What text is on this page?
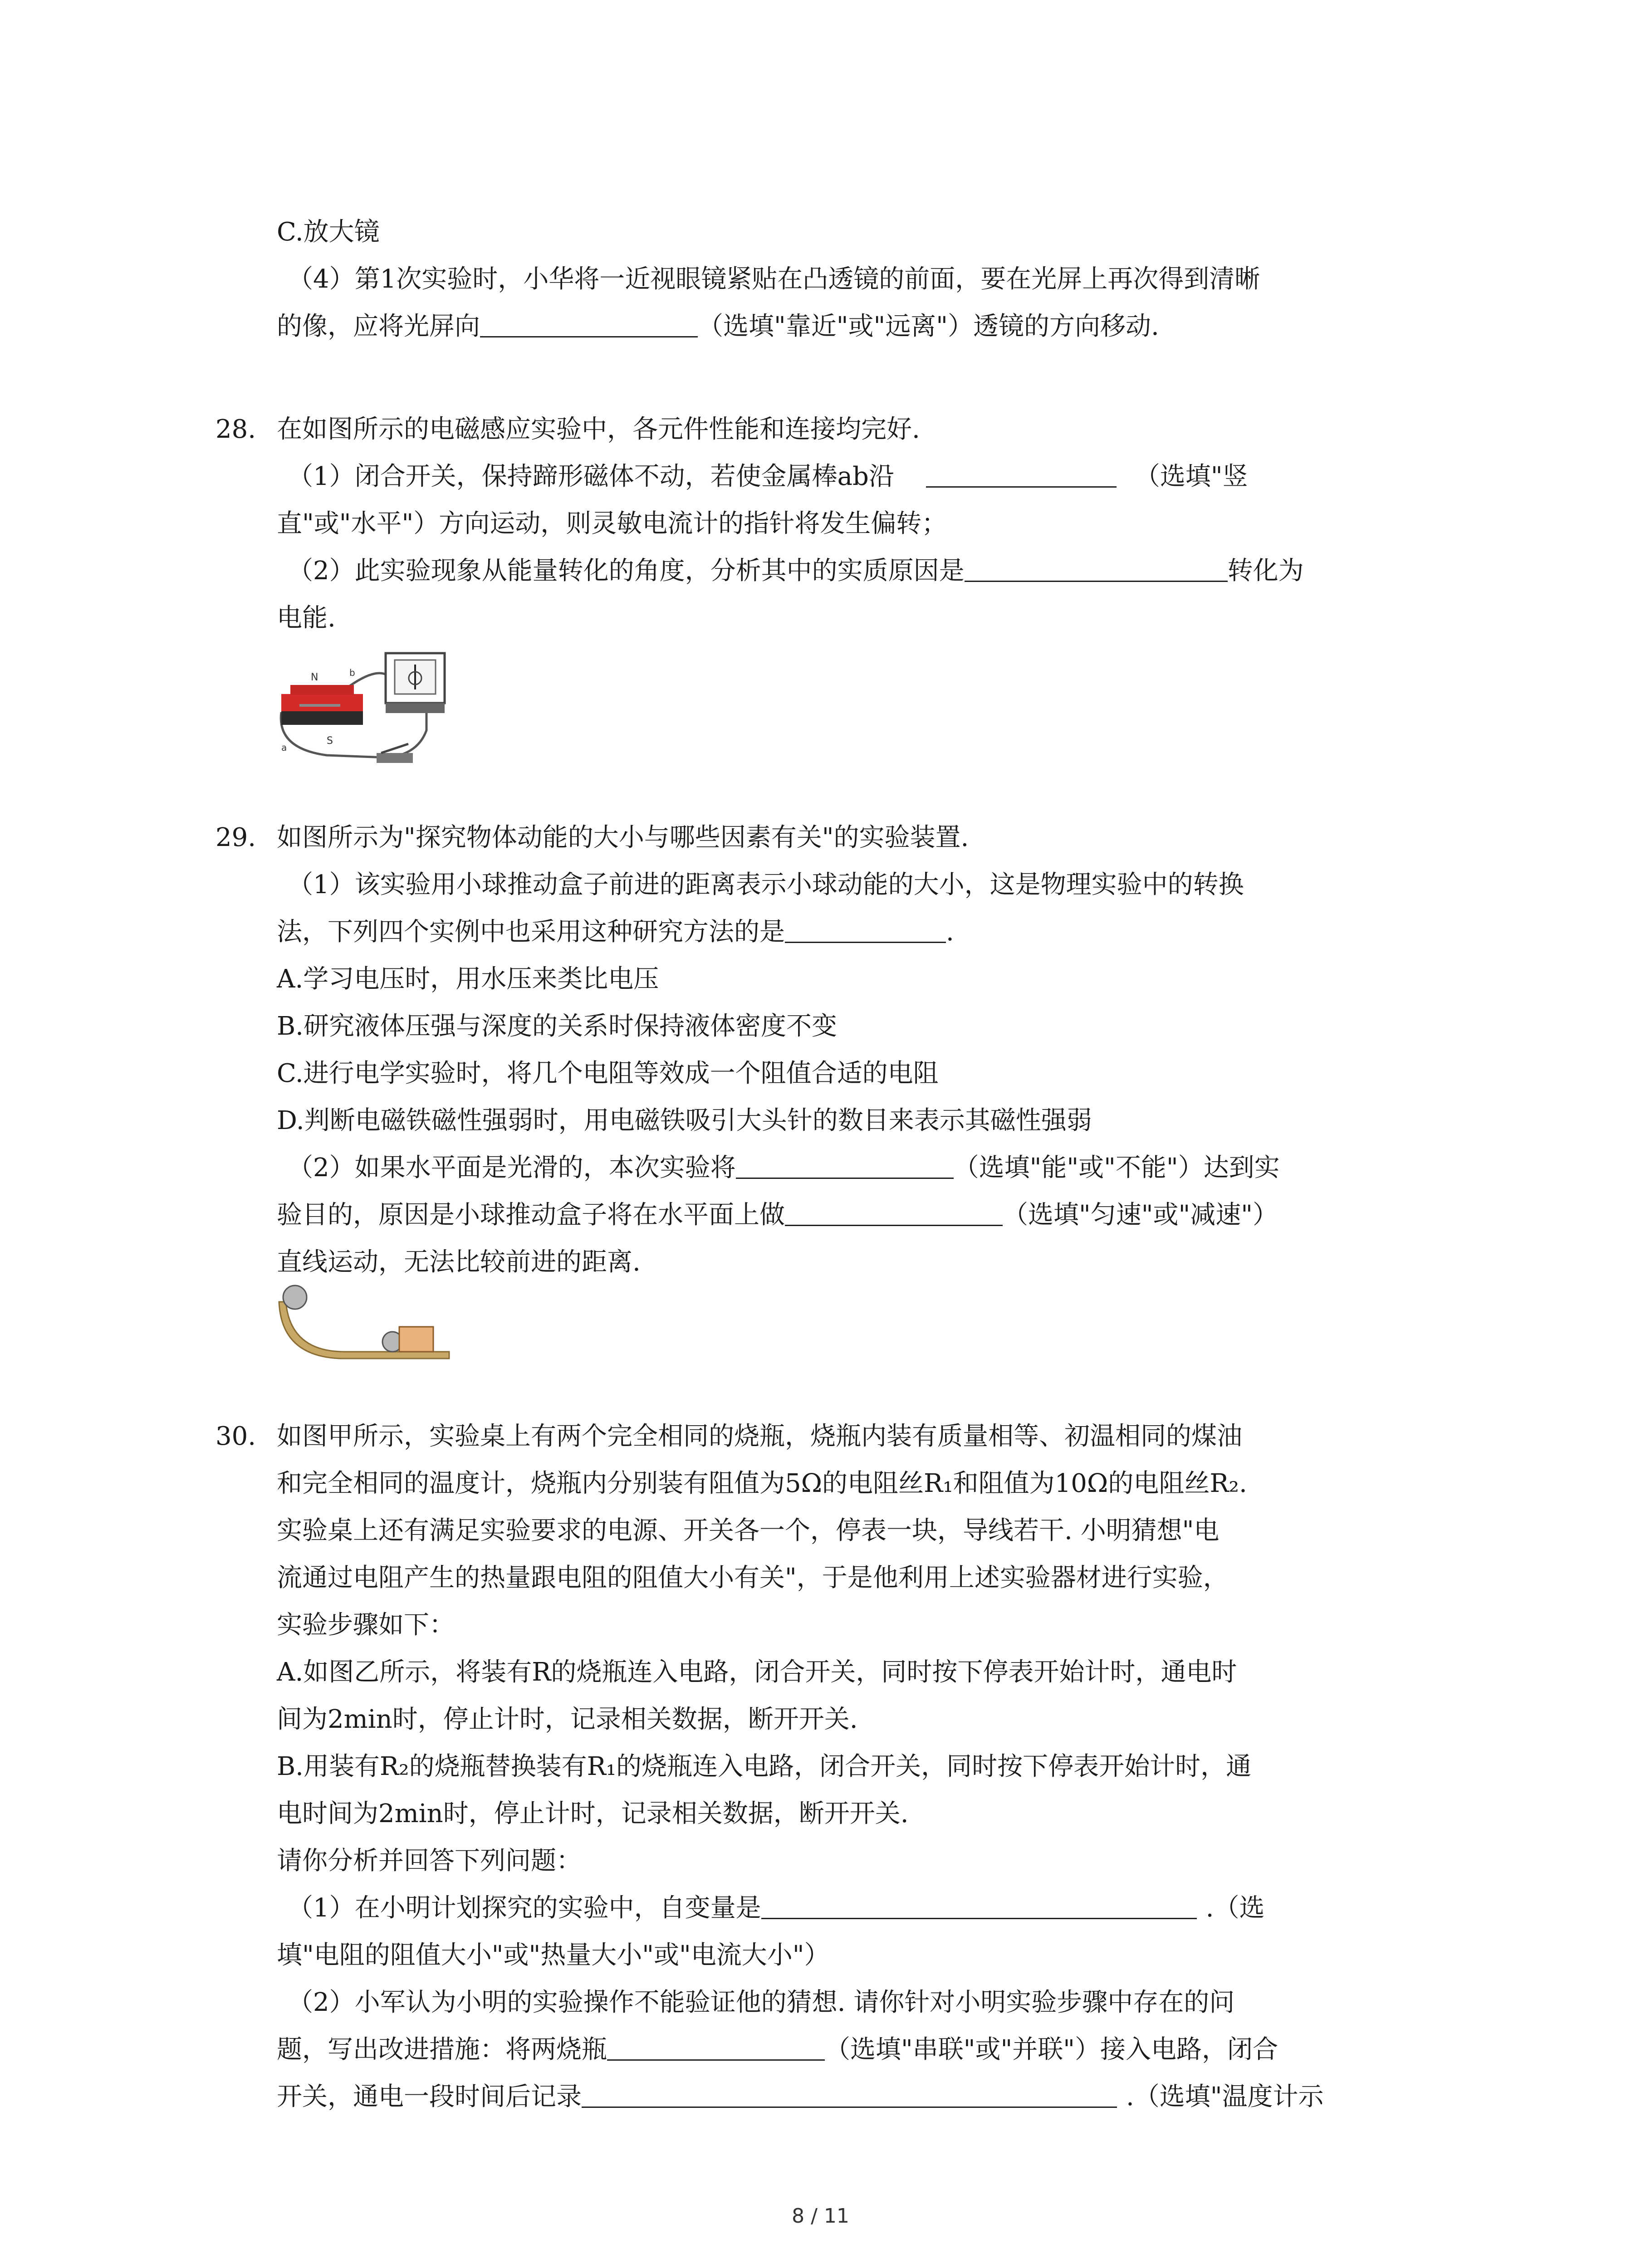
C.放大镜
（4）第1次实验时，小华将一近视眼镜紧贴在凸透镜的前面，要在光屏上再次得到清晰
的像，应将光屏向	（选填"靠近"或"远离"）透镜的方向移动.
28. 在如图所示的电磁感应实验中，各元件性能和连接均完好.
（1）闭合开关，保持蹄形磁体不动，若使金属棒ab沿	（选填"竖
直"或"水平"）方向运动，则灵敏电流计的指针将发生偏转；
（2）此实验现象从能量转化的角度，分析其中的实质原因是	转化为
电能.
N
S
a
b
29. 如图所示为"探究物体动能的大小与哪些因素有关"的实验装置.
（1）该实验用小球推动盒子前进的距离表示小球动能的大小，这是物理实验中的转换
法，下列四个实例中也采用这种研究方法的是	.
A.学习电压时，用水压来类比电压
B.研究液体压强与深度的关系时保持液体密度不变
C.进行电学实验时，将几个电阻等效成一个阻值合适的电阻
D.判断电磁铁磁性强弱时，用电磁铁吸引大头针的数目来表示其磁性强弱
（2）如果水平面是光滑的，本次实验将	（选填"能"或"不能"）达到实
验目的，原因是小球推动盒子将在水平面上做	（选填"匀速"或"减速"）
直线运动，无法比较前进的距离.
30. 如图甲所示，实验桌上有两个完全相同的烧瓶，烧瓶内装有质量相等、初温相同的煤油
和完全相同的温度计，烧瓶内分别装有阻值为5Ω的电阻丝R₁和阻值为10Ω的电阻丝R₂.
实验桌上还有满足实验要求的电源、开关各一个，停表一块，导线若干. 小明猜想"电
流通过电阻产生的热量跟电阻的阻值大小有关"，于是他利用上述实验器材进行实验，
实验步骤如下：
A.如图乙所示，将装有R的烧瓶连入电路，闭合开关，同时按下停表开始计时，通电时
间为2min时，停止计时，记录相关数据，断开开关.
B.用装有R₂的烧瓶替换装有R₁的烧瓶连入电路，闭合开关，同时按下停表开始计时，通
电时间为2min时，停止计时，记录相关数据，断开开关.
请你分析并回答下列问题：
（1）在小明计划探究的实验中，自变量是	.（选
填"电阻的阻值大小"或"热量大小"或"电流大小"）
（2）小军认为小明的实验操作不能验证他的猜想. 请你针对小明实验步骤中存在的问
题，写出改进措施：将两烧瓶	（选填"串联"或"并联"）接入电路，闭合
开关，通电一段时间后记录	.（选填"温度计示
8 / 11
